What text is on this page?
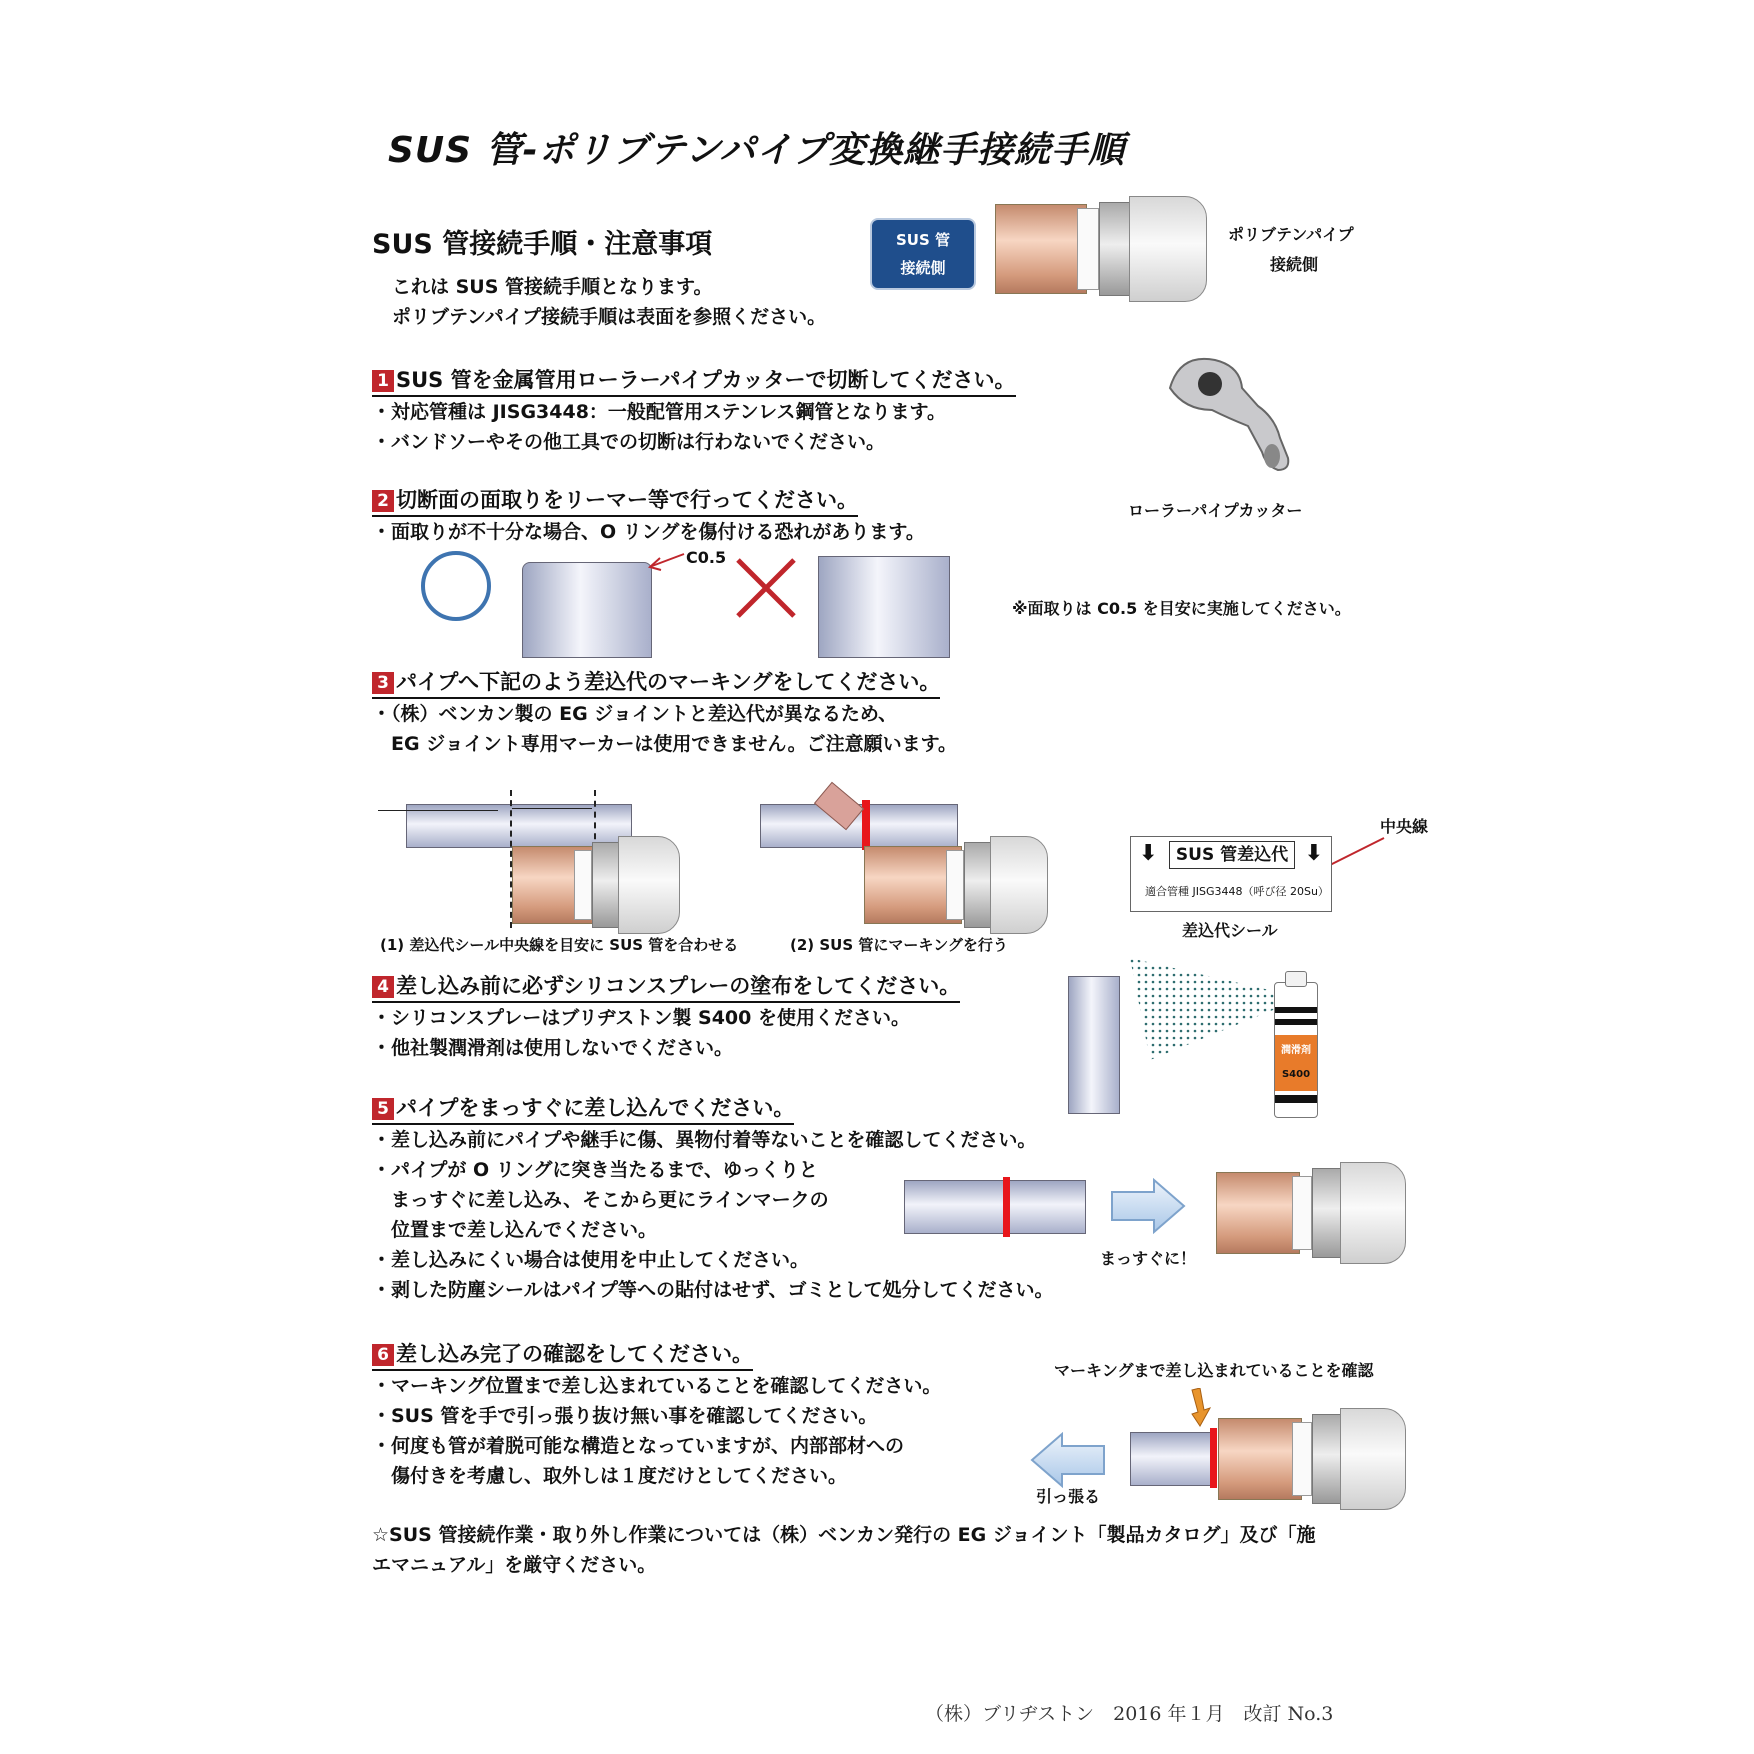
SUS 管-ポリブテンパイプ変換継手接続手順
SUS 管接続手順・注意事項
これは SUS 管接続手順となります。
ポリブテンパイプ接続手順は表面を参照ください。
SUS 管
接続側
ポリブテンパイプ
接続側
1 SUS 管を金属管用ローラーパイプカッターで切断してください。
・対応管種は JISG3448：一般配管用ステンレス鋼管となります。
・バンドソーやその他工具での切断は行わないでください。
ローラーパイプカッター
2 切断面の面取りをリーマー等で行ってください。
・面取りが不十分な場合、O リングを傷付ける恐れがあります。
C0.5
※面取りは C0.5 を目安に実施してください。
3 パイプへ下記のよう差込代のマーキングをしてください。
・（株）ベンカン製の EG ジョイントと差込代が異なるため、
　EG ジョイント専用マーカーは使用できません。ご注意願います。
(1) 差込代シール中央線を目安に SUS 管を合わせる	(2) SUS 管にマーキングを行う
中央線
⬇	⬇
SUS 管差込代
適合管種 JISG3448（呼び径 20Su）
差込代シール
4 差し込み前に必ずシリコンスプレーの塗布をしてください。
・シリコンスプレーはブリヂストン製 S400 を使用ください。
・他社製潤滑剤は使用しないでください。	潤滑剤
S400
5 パイプをまっすぐに差し込んでください。
・差し込み前にパイプや継手に傷、異物付着等ないことを確認してください。
・パイプが O リングに突き当たるまで、ゆっくりと
　まっすぐに差し込み、そこから更にラインマークの
　位置まで差し込んでください。
・差し込みにくい場合は使用を中止してください。
・剥した防塵シールはパイプ等への貼付はせず、ゴミとして処分してください。
まっすぐに！
6 差し込み完了の確認をしてください。
・マーキング位置まで差し込まれていることを確認してください。
・SUS 管を手で引っ張り抜け無い事を確認してください。
・何度も管が着脱可能な構造となっていますが、内部部材への
　傷付きを考慮し、取外しは１度だけとしてください。
マーキングまで差し込まれていることを確認
引っ張る
☆SUS 管接続作業・取り外し作業については（株）ベンカン発行の EG ジョイント「製品カタログ」及び「施
エマニュアル」を厳守ください。
（株）ブリヂストン　2016 年１月　改訂 No.3
